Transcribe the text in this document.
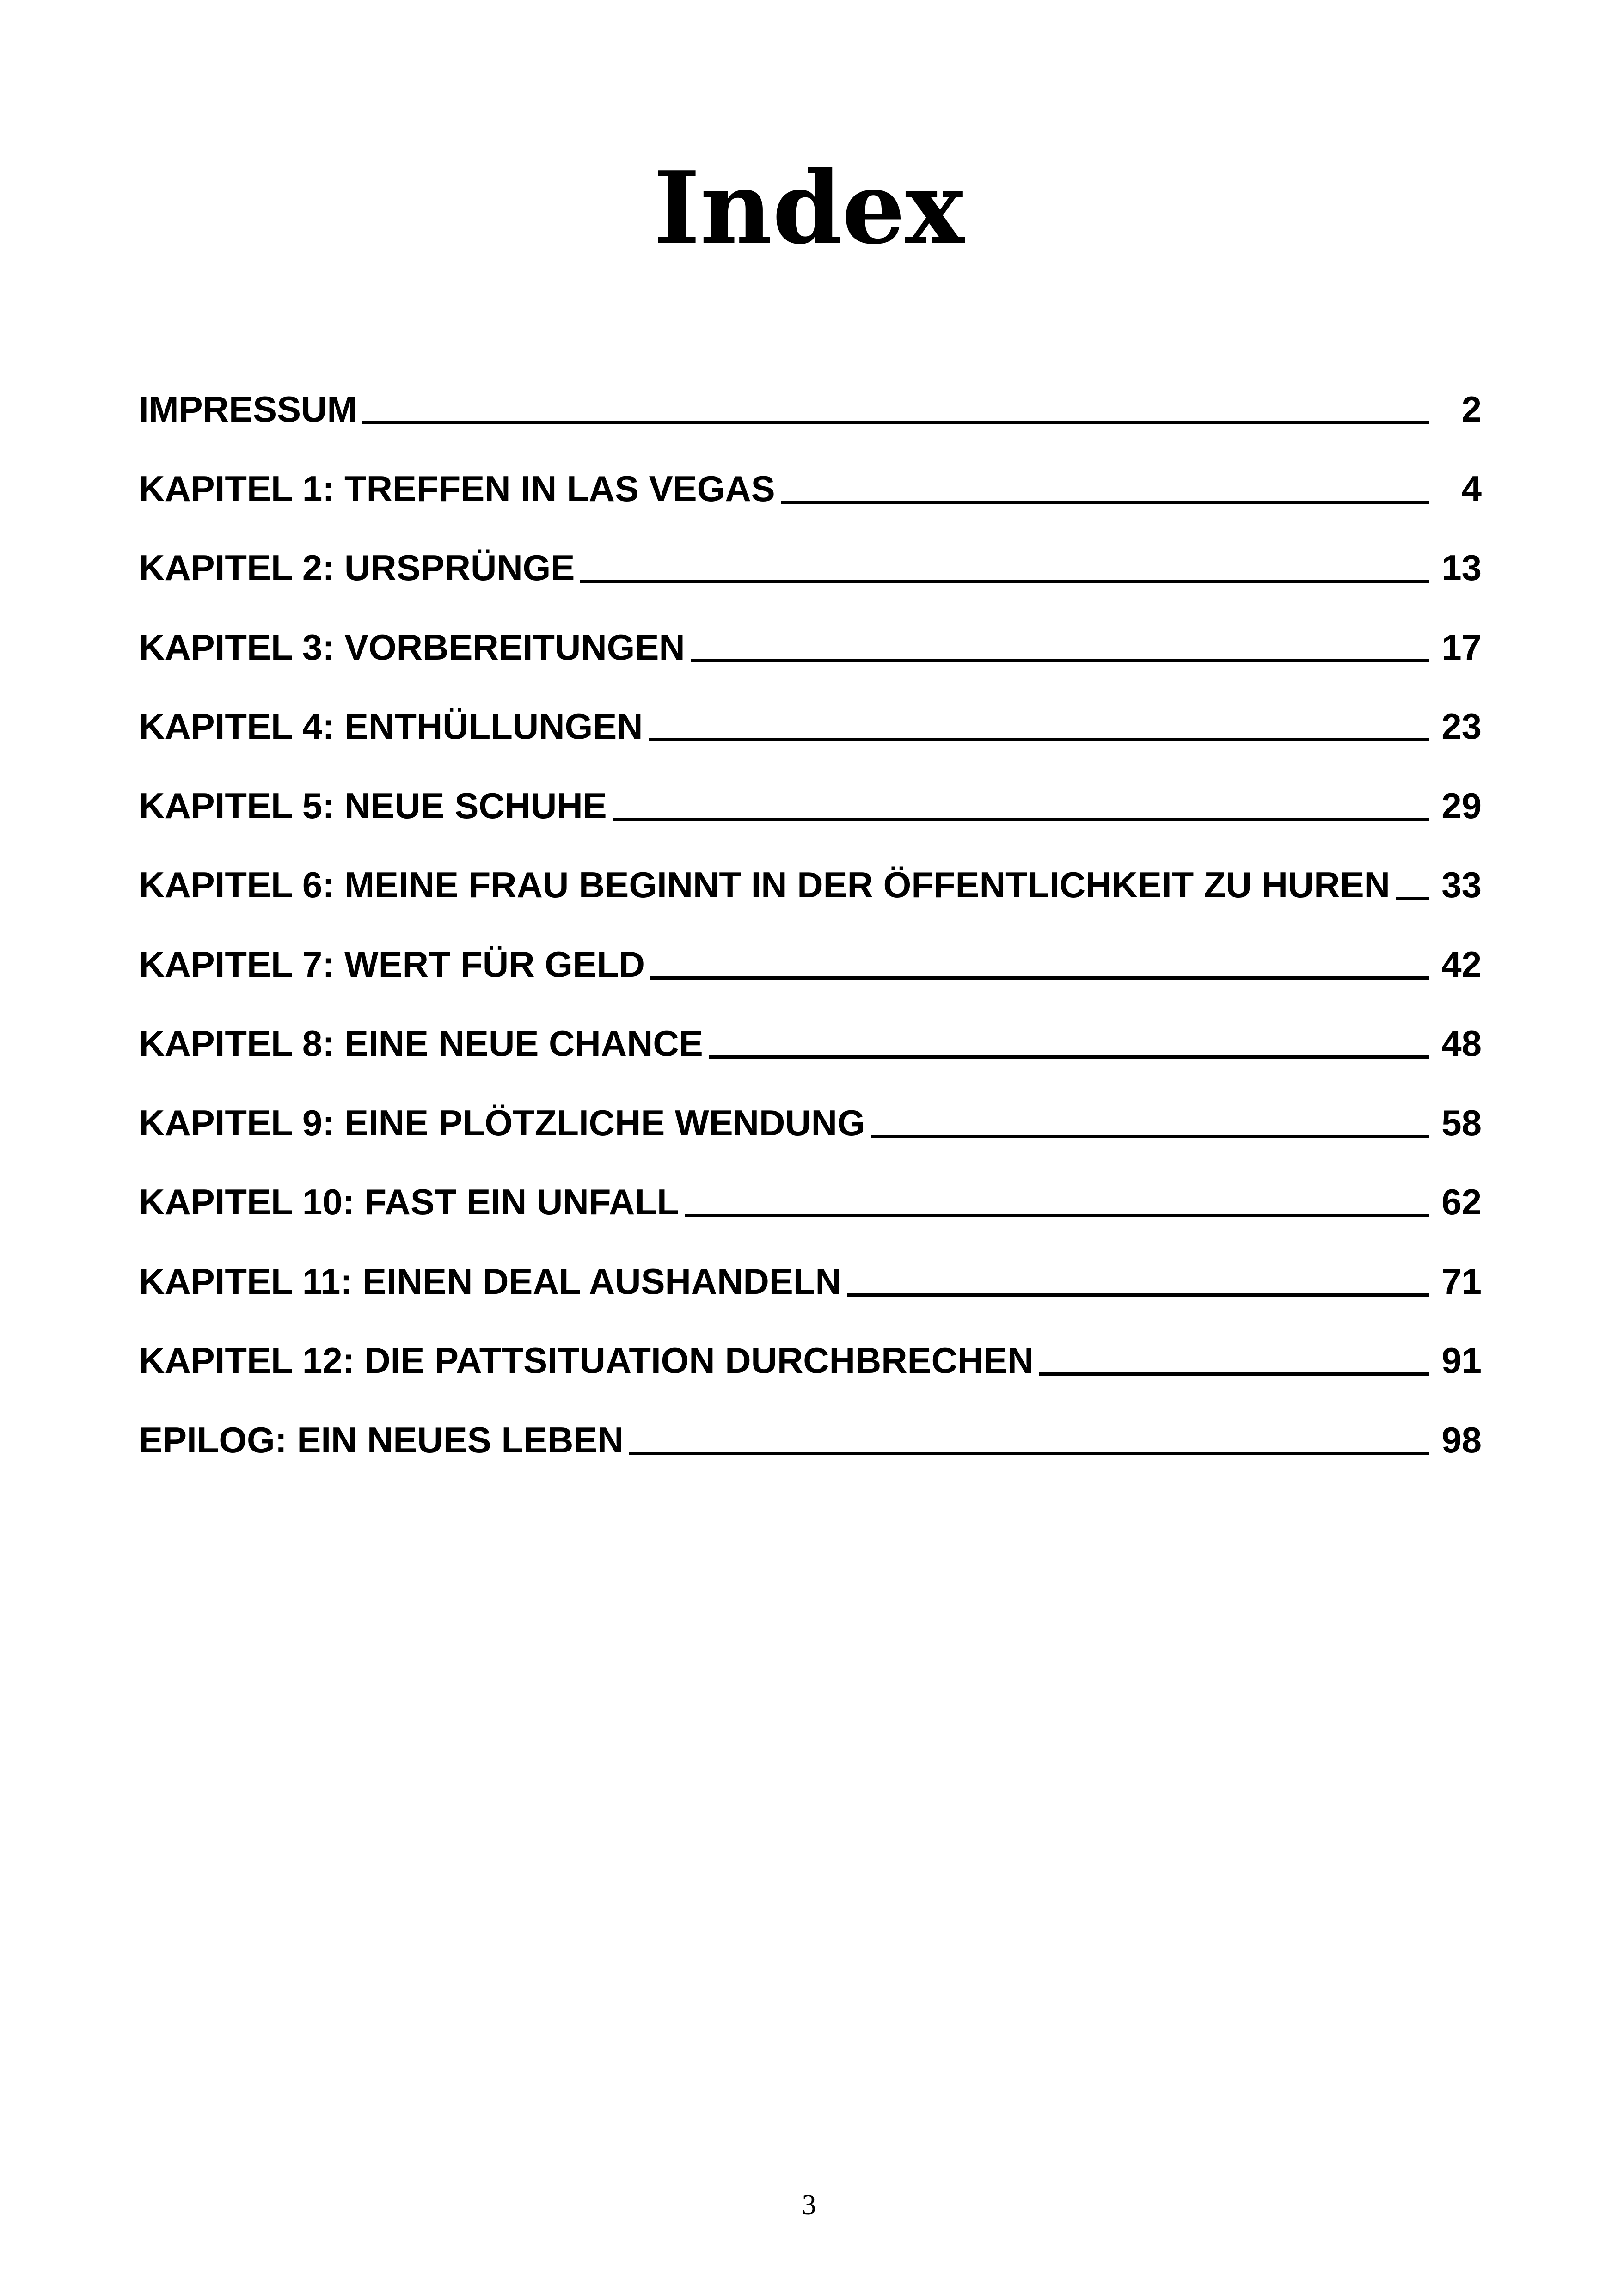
Index
IMPRESSUM	2
KAPITEL 1: TREFFEN IN LAS VEGAS	4
KAPITEL 2: URSPRÜNGE	13
KAPITEL 3: VORBEREITUNGEN	17
KAPITEL 4: ENTHÜLLUNGEN	23
KAPITEL 5: NEUE SCHUHE	29
KAPITEL 6: MEINE FRAU BEGINNT IN DER ÖFFENTLICHKEIT ZU HUREN 33
KAPITEL 7: WERT FÜR GELD	42
KAPITEL 8: EINE NEUE CHANCE	48
KAPITEL 9: EINE PLÖTZLICHE WENDUNG	58
KAPITEL 10: FAST EIN UNFALL	62
KAPITEL 11: EINEN DEAL AUSHANDELN	71
KAPITEL 12: DIE PATTSITUATION DURCHBRECHEN	91
EPILOG: EIN NEUES LEBEN	98
3
